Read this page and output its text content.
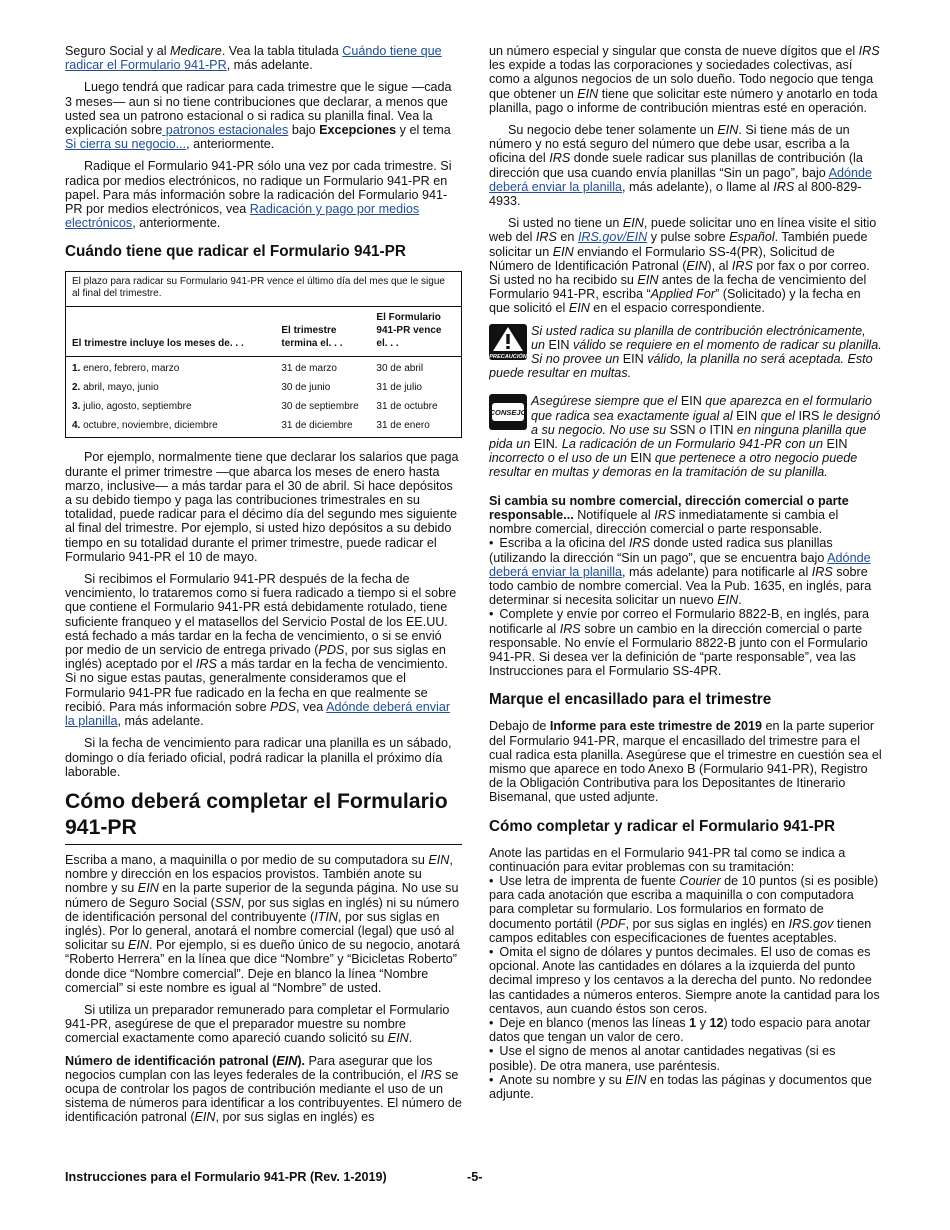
Seguro Social y al Medicare. Vea la tabla titulada Cuándo tiene que radicar el Formulario 941-PR, más adelante.

Luego tendrá que radicar para cada trimestre que le sigue —cada 3 meses— aun si no tiene contribuciones que declarar, a menos que usted sea un patrono estacional o si radica su planilla final. Vea la explicación sobre patronos estacionales bajo Excepciones y el tema Si cierra su negocio..., anteriormente.

Radique el Formulario 941-PR sólo una vez por cada trimestre. Si radica por medios electrónicos, no radique un Formulario 941-PR en papel. Para más información sobre la radicación del Formulario 941-PR por medios electrónicos, vea Radicación y pago por medios electrónicos, anteriormente.

Cuándo tiene que radicar el Formulario 941-PR
El plazo para radicar su Formulario 941-PR vence el último día del mes que le sigue al final del trimestre.		
El trimestre incluye los meses de. . .	El trimestre termina el. . .	El Formulario 941-PR vence el. . .
1. enero, febrero, marzo	31 de marzo	30 de abril
2. abril, mayo, junio	30 de junio	31 de julio
3. julio, agosto, septiembre	30 de septiembre	31 de octubre
4. octubre, noviembre, diciembre	31 de diciembre	31 de enero

Por ejemplo, normalmente tiene que declarar los salarios que paga durante el primer trimestre —que abarca los meses de enero hasta marzo, inclusive— a más tardar para el 30 de abril. Si hace depósitos a su debido tiempo y paga las contribuciones trimestrales en su totalidad, puede radicar para el décimo día del segundo mes siguiente al final del trimestre. Por ejemplo, si usted hizo depósitos a su debido tiempo en su totalidad durante el primer trimestre, puede radicar el Formulario 941-PR el 10 de mayo.

Si recibimos el Formulario 941-PR después de la fecha de vencimiento, lo trataremos como si fuera radicado a tiempo si el sobre que contiene el Formulario 941-PR está debidamente rotulado, tiene suficiente franqueo y el matasellos del Servicio Postal de los EE.UU. está fechado a más tardar en la fecha de vencimiento, o si se envió por medio de un servicio de entrega privado (PDS, por sus siglas en inglés) aceptado por el IRS a más tardar en la fecha de vencimiento. Si no sigue estas pautas, generalmente consideramos que el Formulario 941-PR fue radicado en la fecha en que realmente se recibió. Para más información sobre PDS, vea Adónde deberá enviar la planilla, más adelante.

Si la fecha de vencimiento para radicar una planilla es un sábado, domingo o día feriado oficial, podrá radicar la planilla el próximo día laborable.

Cómo deberá completar el Formulario 941-PR

Escriba a mano, a maquinilla o por medio de su computadora su EIN, nombre y dirección en los espacios provistos. También anote su nombre y su EIN en la parte superior de la segunda página. No use su número de Seguro Social (SSN, por sus siglas en inglés) ni su número de identificación personal del contribuyente (ITIN, por sus siglas en inglés). Por lo general, anotará el nombre comercial (legal) que usó al solicitar su EIN. Por ejemplo, si es dueño único de su negocio, anotará “Roberto Herrera” en la línea que dice “Nombre” y “Bicicletas Roberto” donde dice “Nombre comercial”. Deje en blanco la línea “Nombre comercial” si este nombre es igual al “Nombre” de usted.

Si utiliza un preparador remunerado para completar el Formulario 941-PR, asegúrese de que el preparador muestre su nombre comercial exactamente como apareció cuando solicitó su EIN.

Número de identificación patronal (EIN). Para asegurar que los negocios cumplan con las leyes federales de la contribución, el IRS se ocupa de controlar los pagos de contribución mediante el uso de un sistema de números para identificar a los contribuyentes. El número de identificación patronal (EIN, por sus siglas en inglés) es

un número especial y singular que consta de nueve dígitos que el IRS les expide a todas las corporaciones y sociedades colectivas, así como a algunos negocios de un solo dueño. Todo negocio que tenga que obtener un EIN tiene que solicitar este número y anotarlo en toda planilla, pago o informe de contribución mientras esté en operación.

Su negocio debe tener solamente un EIN. Si tiene más de un número y no está seguro del número que debe usar, escriba a la oficina del IRS donde suele radicar sus planillas de contribución (la dirección que usa cuando envía planillas “Sin un pago”, bajo Adónde deberá enviar la planilla, más adelante), o llame al IRS al 800-829-4933.

Si usted no tiene un EIN, puede solicitar uno en línea visite el sitio web del IRS en IRS.gov/EIN y pulse sobre Español. También puede solicitar un EIN enviando el Formulario SS-4(PR), Solicitud de Número de Identificación Patronal (EIN), al IRS por fax o por correo. Si usted no ha recibido su EIN antes de la fecha de vencimiento del Formulario 941-PR, escriba “Applied For” (Solicitado) y la fecha en que solicitó el EIN en el espacio correspondiente.

PRECAUCIÓN
Si usted radica su planilla de contribución electrónicamente, un EIN válido se requiere en el momento de radicar su planilla. Si no provee un EIN válido, la planilla no será aceptada. Esto puede resultar en multas.
CONSEJO
Asegúrese siempre que el EIN que aparezca en el formulario que radica sea exactamente igual al EIN que el IRS le designó a su negocio. No use su SSN o ITIN en ninguna planilla que pida un EIN. La radicación de un Formulario 941-PR con un EIN incorrecto o el uso de un EIN que pertenece a otro negocio puede resultar en multas y demoras en la tramitación de su planilla.

Si cambia su nombre comercial, dirección comercial o parte responsable... Notifíquele al IRS inmediatamente si cambia el nombre comercial, dirección comercial o parte responsable.

• Escriba a la oficina del IRS donde usted radica sus planillas (utilizando la dirección “Sin un pago”, que se encuentra bajo Adónde deberá enviar la planilla, más adelante) para notificarle al IRS sobre todo cambio de nombre comercial. Vea la Pub. 1635, en inglés, para determinar si necesita solicitar un nuevo EIN.

• Complete y envíe por correo el Formulario 8822-B, en inglés, para notificarle al IRS sobre un cambio en la dirección comercial o parte responsable. No envíe el Formulario 8822-B junto con el Formulario 941-PR. Si desea ver la definición de “parte responsable”, vea las Instrucciones para el Formulario SS-4PR.

Marque el encasillado para el trimestre

Debajo de Informe para este trimestre de 2019 en la parte superior del Formulario 941-PR, marque el encasillado del trimestre para el cual radica esta planilla. Asegúrese que el trimestre en cuestión sea el mismo que aparece en todo Anexo B (Formulario 941-PR), Registro de la Obligación Contributiva para los Depositantes de Itinerario Bisemanal, que usted adjunte.

Cómo completar y radicar el Formulario 941-PR

Anote las partidas en el Formulario 941-PR tal como se indica a continuación para evitar problemas con su tramitación:

• Use letra de imprenta de fuente Courier de 10 puntos (si es posible) para cada anotación que escriba a maquinilla o con computadora para completar su formulario. Los formularios en formato de documento portátil (PDF, por sus siglas en inglés) en IRS.gov tienen campos editables con especificaciones de fuentes aceptables.

• Omita el signo de dólares y puntos decimales. El uso de comas es opcional. Anote las cantidades en dólares a la izquierda del punto decimal impreso y los centavos a la derecha del punto. No redondee las cantidades a números enteros. Siempre anote la cantidad para los centavos, aun cuando éstos son ceros.

• Deje en blanco (menos las líneas 1 y 12) todo espacio para anotar datos que tengan un valor de cero.

• Use el signo de menos al anotar cantidades negativas (si es posible). De otra manera, use paréntesis.

• Anote su nombre y su EIN en todas las páginas y documentos que adjunte.

Instrucciones para el Formulario 941-PR (Rev. 1-2019)	-5-
